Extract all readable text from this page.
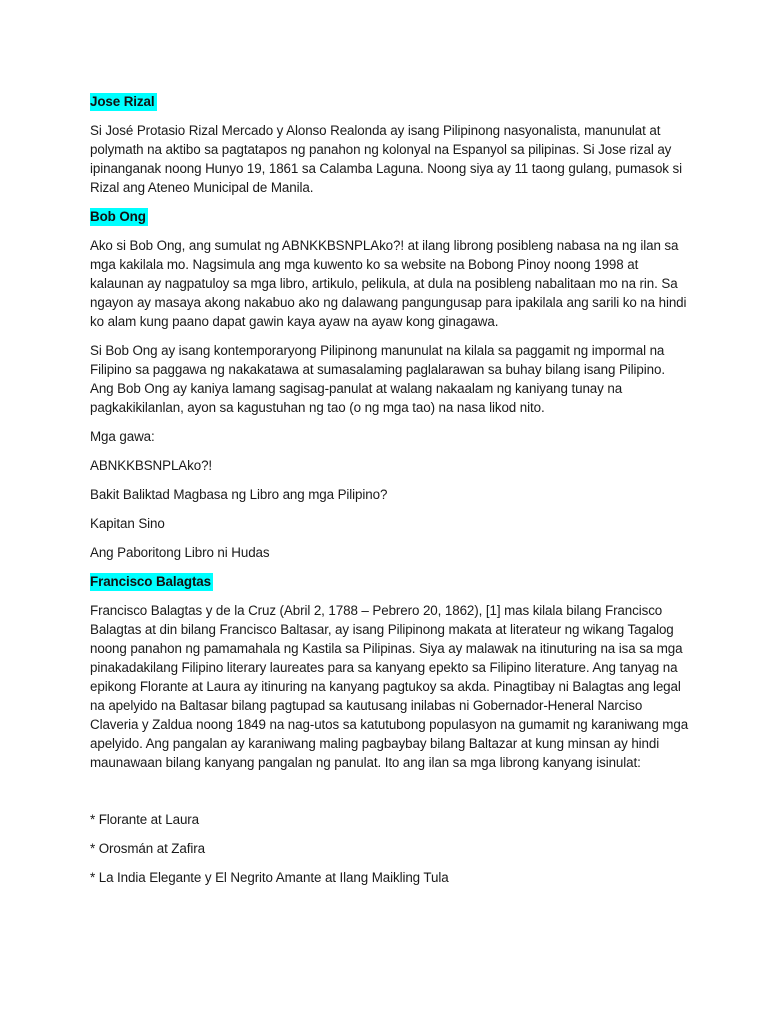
Jose Rizal

Si José Protasio Rizal Mercado y Alonso Realonda ay isang Pilipinong nasyonalista, manunulat at polymath na aktibo sa pagtatapos ng panahon ng kolonyal na Espanyol sa pilipinas. Si Jose rizal ay ipinanganak noong Hunyo 19, 1861 sa Calamba Laguna. Noong siya ay 11 taong gulang, pumasok si Rizal ang Ateneo Municipal de Manila.

Bob Ong

Ako si Bob Ong, ang sumulat ng ABNKKBSNPLAko?! at ilang librong posibleng nabasa na ng ilan sa mga kakilala mo. Nagsimula ang mga kuwento ko sa website na Bobong Pinoy noong 1998 at kalaunan ay nagpatuloy sa mga libro, artikulo, pelikula, at dula na posibleng nabalitaan mo na rin. Sa ngayon ay masaya akong nakabuo ako ng dalawang pangungusap para ipakilala ang sarili ko na hindi ko alam kung paano dapat gawin kaya ayaw na ayaw kong ginagawa.

Si Bob Ong ay isang kontemporaryong Pilipinong manunulat na kilala sa paggamit ng impormal na Filipino sa paggawa ng nakakatawa at sumasalaming paglalarawan sa buhay bilang isang Pilipino. Ang Bob Ong ay kaniya lamang sagisag-panulat at walang nakaalam ng kaniyang tunay na pagkakikilanlan, ayon sa kagustuhan ng tao (o ng mga tao) na nasa likod nito.

Mga gawa:

ABNKKBSNPLAko?!

Bakit Baliktad Magbasa ng Libro ang mga Pilipino?

Kapitan Sino

Ang Paboritong Libro ni Hudas

Francisco Balagtas

Francisco Balagtas y de la Cruz (Abril 2, 1788 – Pebrero 20, 1862), [1] mas kilala bilang Francisco Balagtas at din bilang Francisco Baltasar, ay isang Pilipinong makata at literateur ng wikang Tagalog noong panahon ng pamamahala ng Kastila sa Pilipinas. Siya ay malawak na itinuturing na isa sa mga pinakadakilang Filipino literary laureates para sa kanyang epekto sa Filipino literature. Ang tanyag na epikong Florante at Laura ay itinuring na kanyang pagtukoy sa akda. Pinagtibay ni Balagtas ang legal na apelyido na Baltasar bilang pagtupad sa kautusang inilabas ni Gobernador-Heneral Narciso Claveria y Zaldua noong 1849 na nag-utos sa katutubong populasyon na gumamit ng karaniwang mga apelyido. Ang pangalan ay karaniwang maling pagbaybay bilang Baltazar at kung minsan ay hindi maunawaan bilang kanyang pangalan ng panulat. Ito ang ilan sa mga librong kanyang isinulat:

* Florante at Laura

* Orosmán at Zafira

* La India Elegante y El Negrito Amante at Ilang Maikling Tula
